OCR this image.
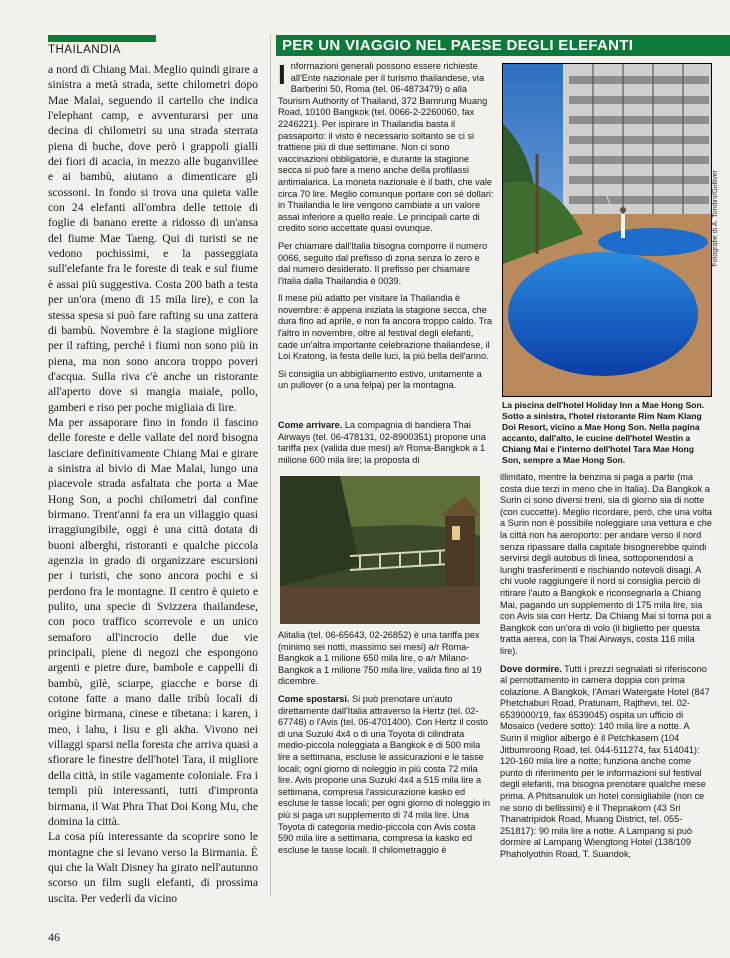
THAILANDIA

a nord di Chiang Mai. Meglio quindi girare a sinistra a metà strada, sette chilometri dopo Mae Malai, seguendo il cartello che indica l'elephant camp, e avventurarsi per una decina di chilometri su una strada sterrata piena di buche, dove però i grappoli gialli dei fiori di acacia, in mezzo alle buganvillee e ai bambù, aiutano a dimenticare gli scossoni. In fondo si trova una quieta valle con 24 elefanti all'ombra delle tettoie di foglie di banano erette a ridosso di un'ansa del fiume Mae Taeng. Qui di turisti se ne vedono pochissimi, e la passeggiata sull'elefante fra le foreste di teak e sul fiume è assai più suggestiva. Costa 200 bath a testa per un'ora (meno di 15 mila lire), e con la stessa spesa si può fare rafting su una zattera di bambù. Novembre è la stagione migliore per il rafting, perché i fiumi non sono più in piena, ma non sono ancora troppo poveri d'acqua. Sulla riva c'è anche un ristorante all'aperto dove si mangia maiale, pollo, gamberi e riso per poche migliaia di lire.

Ma per assaporare fino in fondo il fascino delle foreste e delle vallate del nord bisogna lasciare definitivamente Chiang Mai e girare a sinistra al bivio di Mae Malai, lungo una piacevole strada asfaltata che porta a Mae Hong Son, a pochi chilometri dal confine birmano. Trent'anni fa era un villaggio quasi irraggiungibile, oggi è una città dotata di buoni alberghi, ristoranti e qualche piccola agenzia in grado di organizzare escursioni per i turisti, che sono ancora pochi e si perdono fra le montagne. Il centro è quieto e pulito, una specie di Svizzera thailandese, con poco traffico scorrevole e un unico semaforo all'incrocio delle due vie principali, piene di negozi che espongono argenti e pietre dure, bambole e cappelli di bambù, gilè, sciarpe, giacche e borse di cotone fatte a mano dalle tribù locali di origine birmana, cinese e tibetana: i karen, i meo, i lahu, i lisu e gli akha. Vivono nei villaggi sparsi nella foresta che arriva quasi a sfiorare le finestre dell'hotel Tara, il migliore della città, in stile vagamente coloniale. Fra i templi più interessanti, tutti d'impronta birmana, il Wat Phra That Doi Kong Mu, che domina la città.

La cosa più interessante da scoprire sono le montagne che si levano verso la Birmania. È qui che la Walt Disney ha girato nell'autunno scorso un film sugli elefanti, di prossima uscita. Per vederli da vicino

PER UN VIAGGIO NEL PAESE DEGLI ELEFANTI

Informazioni generali possono essere richieste all'Ente nazionale per il turismo thailandese, via Barberini 50, Roma (tel. 06-4873479) o alla Tourism Authority of Thailand, 372 Bamrung Muang Road, 10100 Bangkok (tel. 0066-2-2260060, fax 2246221). Per ispirare in Thailandia basta il passaporto: il visto è necessario soltanto se ci si trattiene più di due settimane. Non ci sono vaccinazioni obbligatorie, e durante la stagione secca si può fare a meno anche della profilassi antimalarica. La moneta nazionale è il bath, che vale circa 70 lire. Meglio comunque portare con sé dollari: in Thailandia le lire vengono cambiate a un valore assai inferiore a quello reale. Le principali carte di credito sono accettate quasi ovunque.

Per chiamare dall'Italia bisogna comporre il numero 0066, seguito dal prefisso di zona senza lo zero e dal numero desiderato. Il prefisso per chiamare l'Italia dalla Thailandia è 0039.

Il mese più adatto per visitare la Thailandia è novembre: è appena iniziata la stagione secca, che dura fino ad aprile, e non fa ancora troppo caldo. Tra l'altro in novembre, oltre al festival degli elefanti, cade un'altra importante celebrazione thailandese, il Loi Kratong, la festa delle luci, la più bella dell'anno.

Si consiglia un abbigliamento estivo, unitamente a un pullover (o a una felpa) per la montagna.

Fotografie di A. Tondini/Gulliver
La piscina dell'hotel Holiday Inn a Mae Hong Son. Sotto a sinistra, l'hotel ristorante Rim Nam Klang Doi Resort, vicino a Mae Hong Son. Nella pagina accanto, dall'alto, le cucine dell'hotel Westin a Chiang Mai e l'interno dell'hotel Tara Mae Hong Son, sempre a Mae Hong Son.

Come arrivare. La compagnia di bandiera Thai Airways (tel. 06-478131, 02-8900351) propone una tariffa pex (valida due mesi) a/r Roma-Bangkok a 1 milione 600 mila lire; la proposta di

Alitalia (tel. 06-65643, 02-26852) è una tariffa pex (minimo sei notti, massimo sei mesi) a/r Roma-Bangkok a 1 milione 650 mila lire, o a/r Milano-Bangkok a 1 milione 750 mila lire, valida fino al 19 dicembre.

Come spostarsi. Si può prenotare un'auto direttamente dall'Italia attraverso la Hertz (tel. 02-67746) o l'Avis (tel. 06-4701400). Con Hertz il costo di una Suzuki 4x4 o di una Toyota di cilindrata medio-piccola noleggiata a Bangkok è di 500 mila lire a settimana, escluse le assicurazioni e le tasse locali; ogni giorno di noleggio in più costa 72 mila lire. Avis propone una Suzuki 4x4 a 515 mila lire a settimana, compresa l'assicurazione kasko ed escluse le tasse locali; per ogni giorno di noleggio in più si paga un supplemento di 74 mila lire. Una Toyota di categoria medio-piccola con Avis costa 590 mila lire a settimana, compresa la kasko ed escluse le tasse locali. Il chilometraggio è

illimitato, mentre la benzina si paga a parte (ma costa due terzi in meno che in Italia). Da Bangkok a Surin ci sono diversi treni, sia di giorno sia di notte (con cuccette). Meglio ricordare, però, che una volta a Surin non è possibile noleggiare una vettura e che la città non ha aeroporto: per andare verso il nord senza ripassare dalla capitale bisognerebbe quindi servirsi degli autobus di linea, sottoponendosi a lunghi trasferimenti e rischiando notevoli disagi. A chi vuole raggiungere il nord si consiglia perciò di ritirare l'auto a Bangkok e riconsegnarla a Chiang Mai, pagando un supplemento di 175 mila lire, sia con Avis sia con Hertz. Da Chiang Mai si torna poi a Bangkok con un'ora di volo (il biglietto per questa tratta aerea, con la Thai Airways, costa 116 mila lire).

Dove dormire. Tutti i prezzi segnalati si riferiscono al pernottamento in camera doppia con prima colazione. A Bangkok, l'Amari Watergate Hotel (847 Phetchaburi Road, Pratunam, Rajthevi, tel. 02-6539000/19, fax 6539045) ospita un ufficio di Mosaico (vedere sotto): 140 mila lire a notte. A Surin il miglior albergo è il Petchkasem (104 Jitbumroong Road, tel. 044-511274, fax 514041): 120-160 mila lire a notte; funziona anche come punto di riferimento per le informazioni sul festival degli elefanti, ma bisogna prenotare qualche mese prima. A Phitsanulok un hotel consigliabile (non ce ne sono di bellissimi) è il Thepnakorn (43 Sri Thanatripidok Road, Muang District, tel. 055-251817): 90 mila lire a notte. A Lampang si può dormire al Lampang Wiengtong Hotel (138/109 Phaholyothin Road, T. Suandok,

46
